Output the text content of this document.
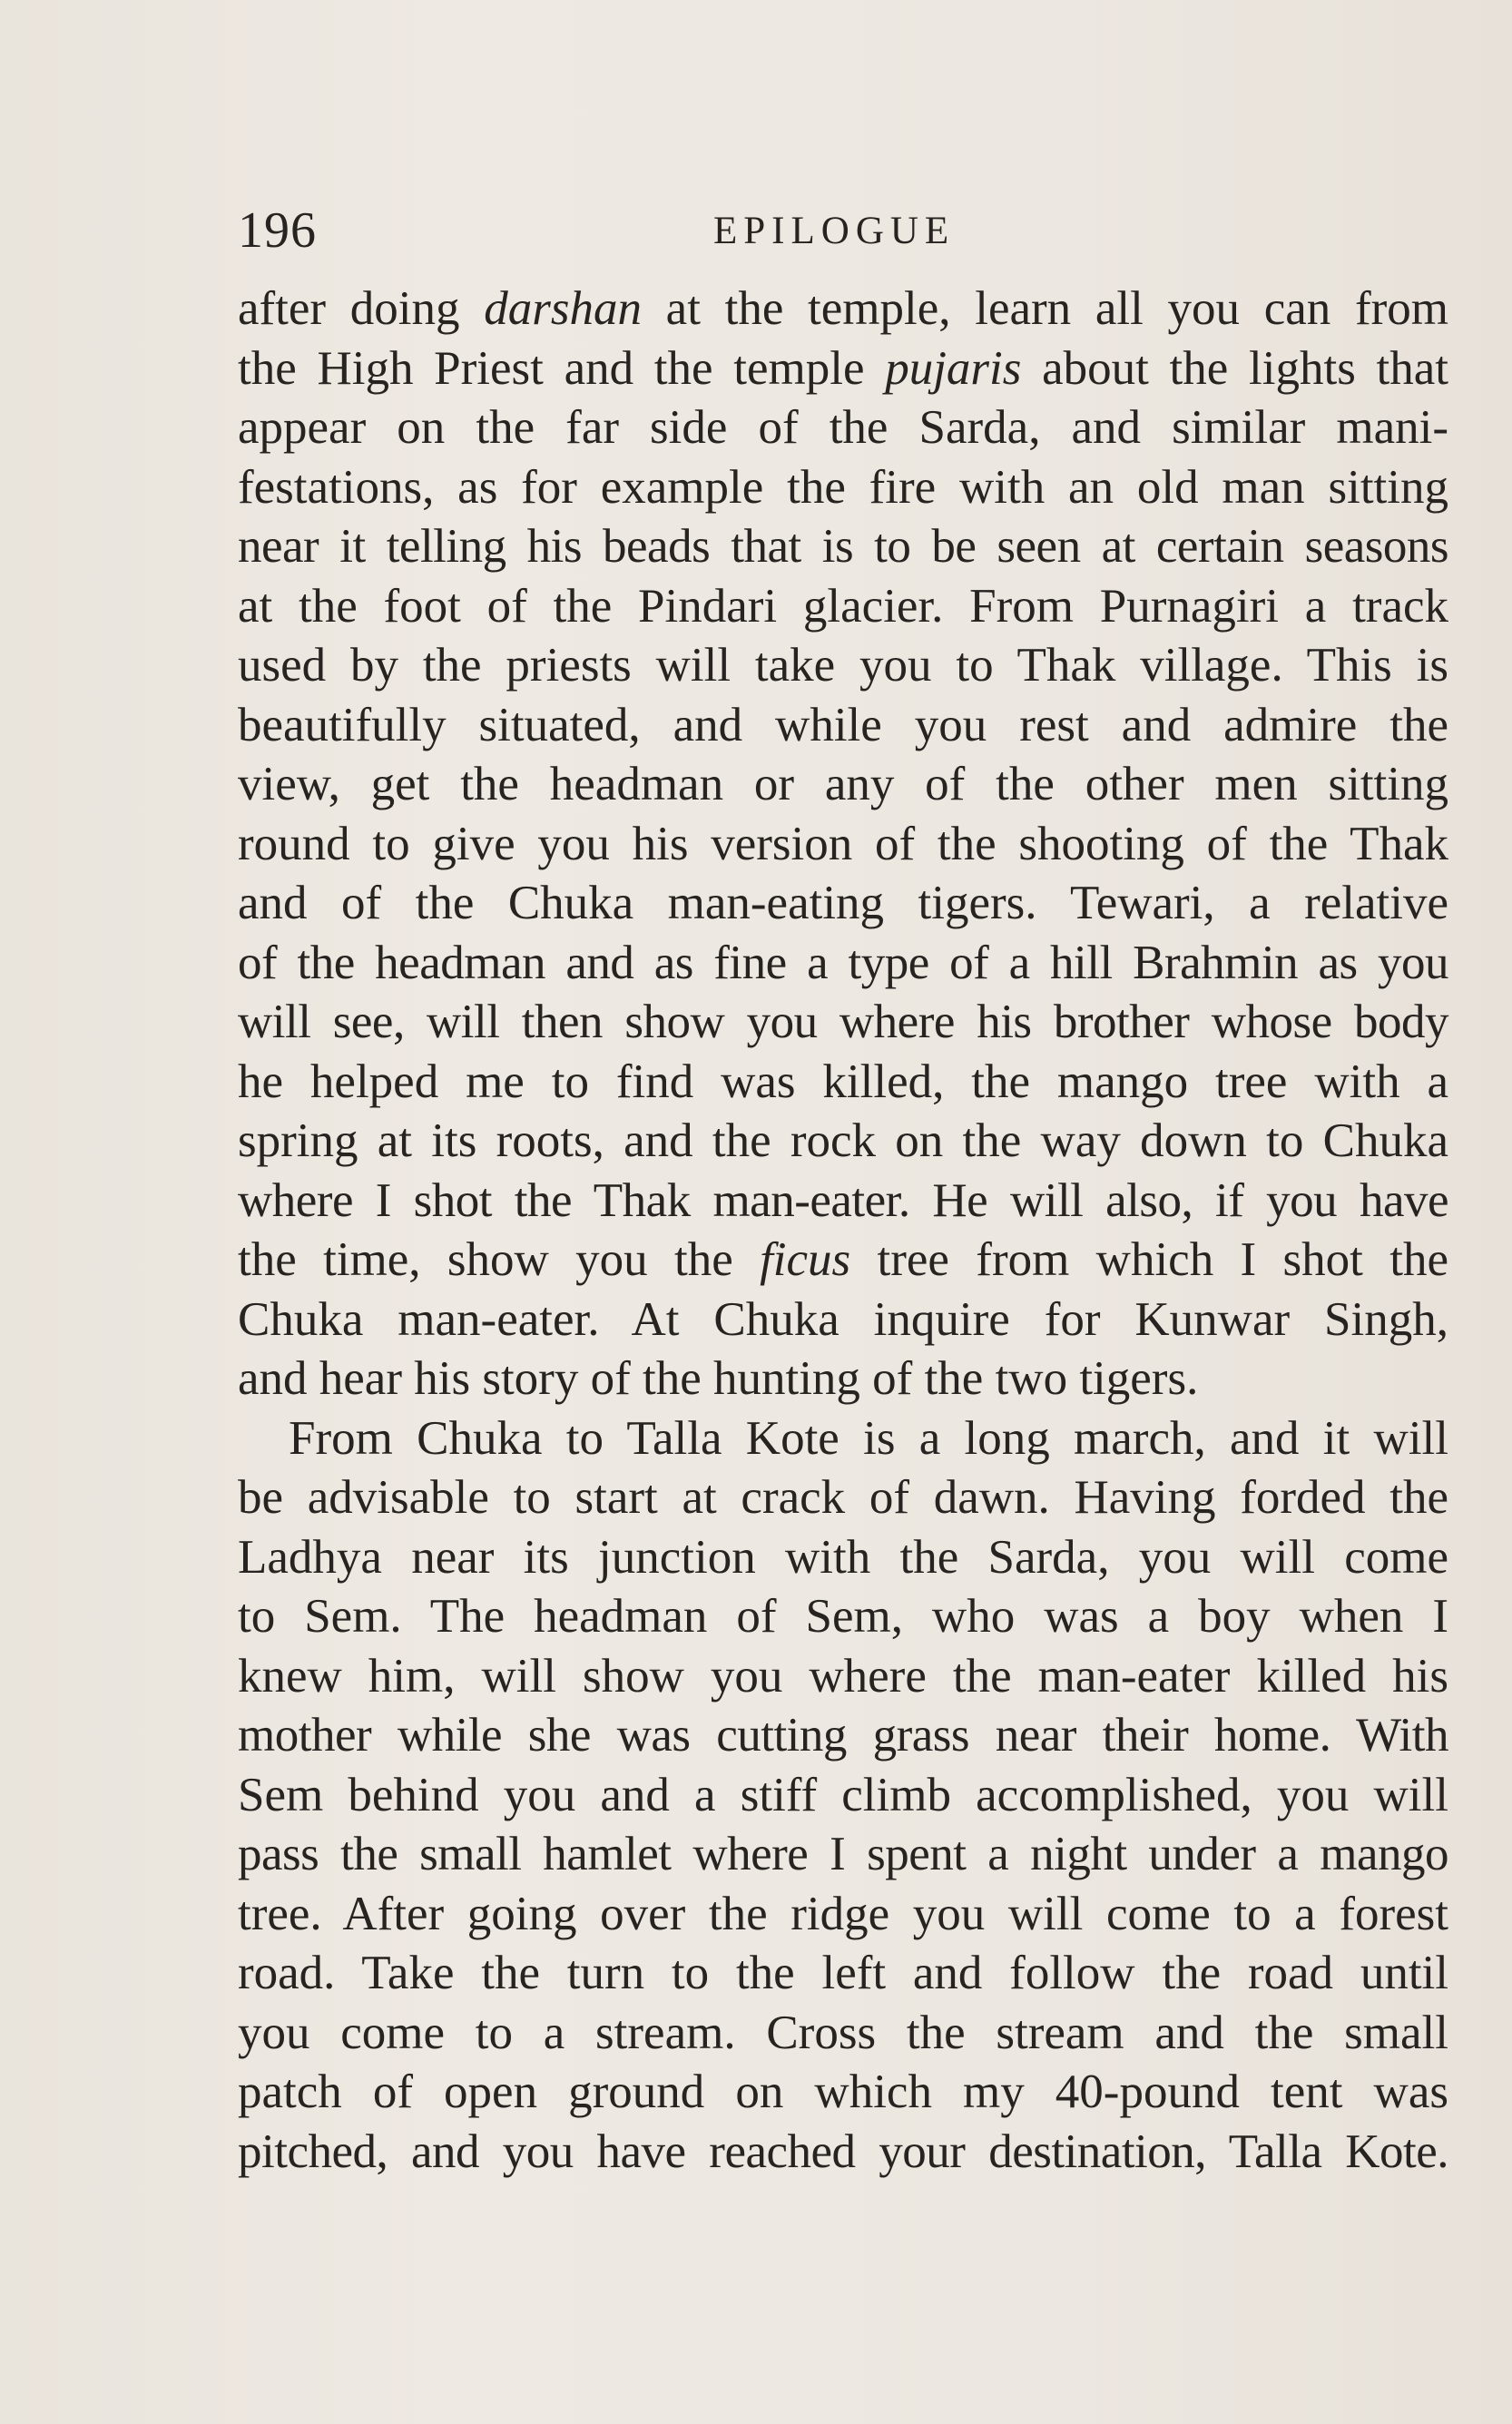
196	EPILOGUE
after doing darshan at the temple, learn all you can from
the High Priest and the temple pujaris about the lights that
appear on the far side of the Sarda, and similar mani-
festations, as for example the fire with an old man sitting
near it telling his beads that is to be seen at certain seasons
at the foot of the Pindari glacier. From Purnagiri a track
used by the priests will take you to Thak village. This is
beautifully situated, and while you rest and admire the
view, get the headman or any of the other men sitting
round to give you his version of the shooting of the Thak
and of the Chuka man-eating tigers. Tewari, a relative
of the headman and as fine a type of a hill Brahmin as you
will see, will then show you where his brother whose body
he helped me to find was killed, the mango tree with a
spring at its roots, and the rock on the way down to Chuka
where I shot the Thak man-eater. He will also, if you have
the time, show you the ficus tree from which I shot the
Chuka man-eater. At Chuka inquire for Kunwar Singh,
and hear his story of the hunting of the two tigers.
From Chuka to Talla Kote is a long march, and it will
be advisable to start at crack of dawn. Having forded the
Ladhya near its junction with the Sarda, you will come
to Sem. The headman of Sem, who was a boy when I
knew him, will show you where the man-eater killed his
mother while she was cutting grass near their home. With
Sem behind you and a stiff climb accomplished, you will
pass the small hamlet where I spent a night under a mango
tree. After going over the ridge you will come to a forest
road. Take the turn to the left and follow the road until
you come to a stream. Cross the stream and the small
patch of open ground on which my 40-pound tent was
pitched, and you have reached your destination, Talla Kote.
